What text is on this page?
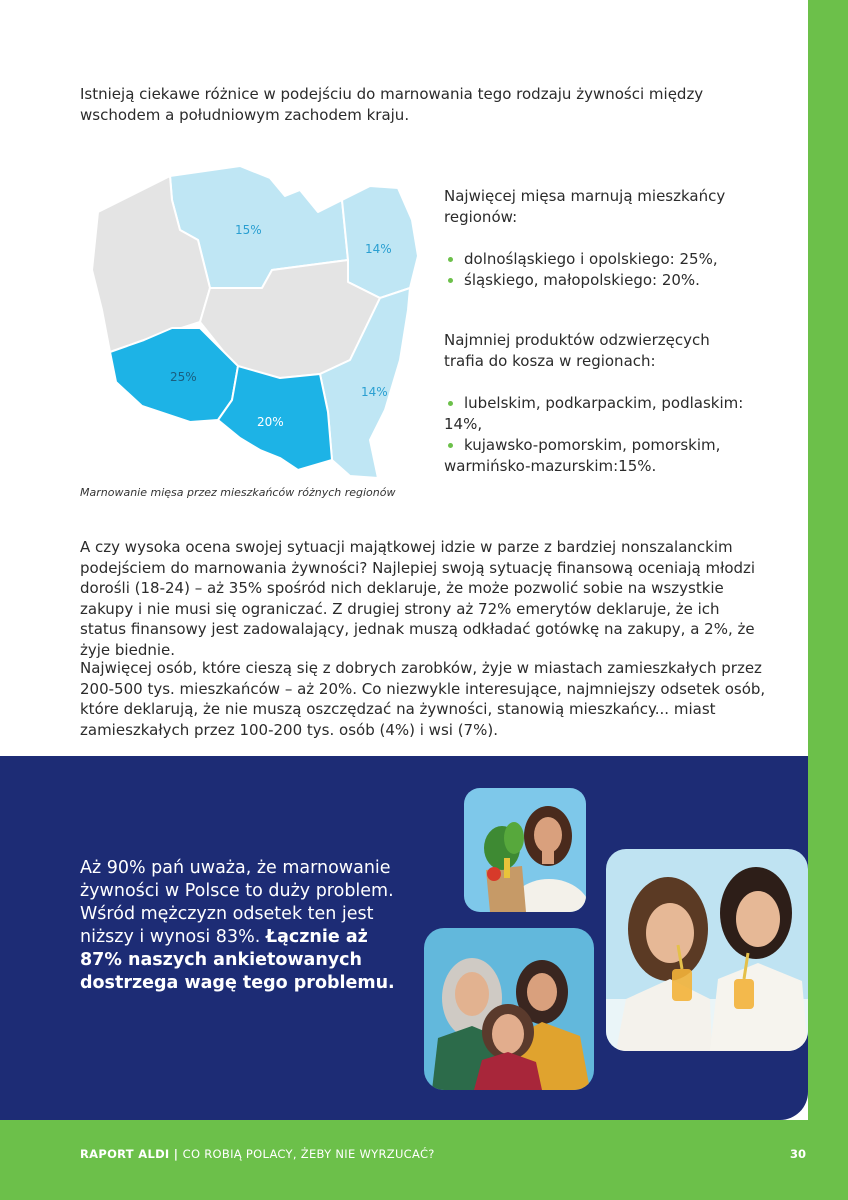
Istnieją ciekawe różnice w podejściu do marnowania tego rodzaju żywności między wschodem a południowym zachodem kraju.

15%
14%
25%
20%
14%
Marnowanie mięsa przez mieszkańców różnych regionów

Najwięcej mięsa marnują mieszkańcy regionów:

dolnośląskiego i opolskiego: 25%,
śląskiego, małopolskiego: 20%.

Najmniej produktów odzwierzęcych trafia do kosza w regionach:

lubelskim, podkarpackim, podlaskim: 14%,
kujawsko-pomorskim, pomorskim, warmińsko-mazurskim:15%.

A czy wysoka ocena swojej sytuacji majątkowej idzie w parze z bardziej nonszalanckim podejściem do marnowania żywności? Najlepiej swoją sytuację finansową oceniają młodzi dorośli (18-24) – aż 35% spośród nich deklaruje, że może pozwolić sobie na wszystkie zakupy i nie musi się ograniczać. Z drugiej strony aż 72% emerytów deklaruje, że ich status finansowy jest zadowalający, jednak muszą odkładać gotówkę na zakupy, a 2%, że żyje biednie.

Najwięcej osób, które cieszą się z dobrych zarobków, żyje w miastach zamieszkałych przez 200-500 tys. mieszkańców – aż 20%. Co niezwykle interesujące, najmniejszy odsetek osób, które deklarują, że nie muszą oszczędzać na żywności, stanowią mieszkańcy... miast zamieszkałych przez 100-200 tys. osób (4%) i wsi (7%).

Aż 90% pań uważa, że marnowanie żywności w Polsce to duży problem. Wśród mężczyzn odsetek ten jest niższy i wynosi 83%. Łącznie aż 87% naszych ankietowanych dostrzega wagę tego problemu.

RAPORT ALDI | CO ROBIĄ POLACY, ŻEBY NIE WYRZUCAĆ?	30
